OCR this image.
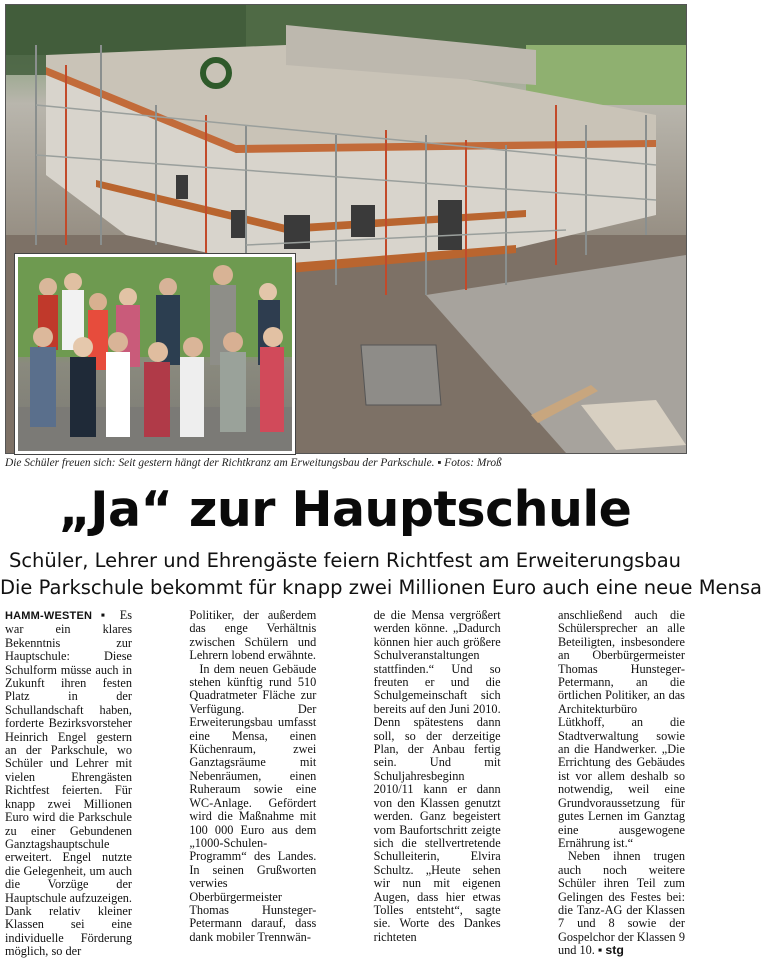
Die Schüler freuen sich: Seit gestern hängt der Richtkranz am Erweitungsbau der Parkschule. ▪ Fotos: Mroß
„Ja“ zur Hauptschule
Schüler, Lehrer und Ehrengäste feiern Richtfest am Erweiterungsbau
Die Parkschule bekommt für knapp zwei Millionen Euro auch eine neue Mensa

HAMM-WESTEN ▪ Es war ein klares Bekenntnis zur Hauptschule: Diese Schulform müsse auch in Zukunft ihren festen Platz in der Schullandschaft haben, forderte Bezirksvorsteher Heinrich Engel gestern an der Parkschule, wo Schüler und Lehrer mit vielen Ehrengästen Richtfest feierten. Für knapp zwei Millionen Euro wird die Parkschule zu einer Gebundenen Ganztagshauptschule erweitert. Engel nutzte die Gelegenheit, um auch die Vorzüge der Hauptschule aufzuzeigen. Dank relativ kleiner Klassen sei eine individuelle Förderung möglich, so der

Politiker, der außerdem das enge Verhältnis zwischen Schülern und Lehrern lobend erwähnte.

In dem neuen Gebäude stehen künftig rund 510 Quadratmeter Fläche zur Verfügung. Der Erweiterungsbau umfasst eine Mensa, einen Küchenraum, zwei Ganztagsräume mit Nebenräumen, einen Ruheraum sowie eine WC-Anlage. Gefördert wird die Maßnahme mit 100 000 Euro aus dem „1000-Schulen-Programm“ des Landes. In seinen Grußworten verwies Oberbürgermeister Thomas Hunsteger-Petermann darauf, dass dank mobiler Trennwän-

de die Mensa vergrößert werden könne. „Dadurch können hier auch größere Schulveranstaltungen stattfinden.“ Und so freuten er und die Schulgemeinschaft sich bereits auf den Juni 2010. Denn spätestens dann soll, so der derzeitige Plan, der Anbau fertig sein. Und mit Schuljahresbeginn 2010/11 kann er dann von den Klassen genutzt werden. Ganz begeistert vom Baufortschritt zeigte sich die stellvertretende Schulleiterin, Elvira Schultz. „Heute sehen wir nun mit eigenen Augen, dass hier etwas Tolles entsteht“, sagte sie. Worte des Dankes richteten

anschließend auch die Schülersprecher an alle Beteiligten, insbesondere an Oberbürgermeister Thomas Hunsteger-Petermann, an die örtlichen Politiker, an das Architekturbüro Lütkhoff, an die Stadtverwaltung sowie an die Handwerker. „Die Errichtung des Gebäudes ist vor allem deshalb so notwendig, weil eine Grundvoraussetzung für gutes Lernen im Ganztag eine ausgewogene Ernährung ist.“

Neben ihnen trugen auch noch weitere Schüler ihren Teil zum Gelingen des Festes bei: die Tanz-AG der Klassen 7 und 8 sowie der Gospelchor der Klassen 9 und 10. ▪ stg
